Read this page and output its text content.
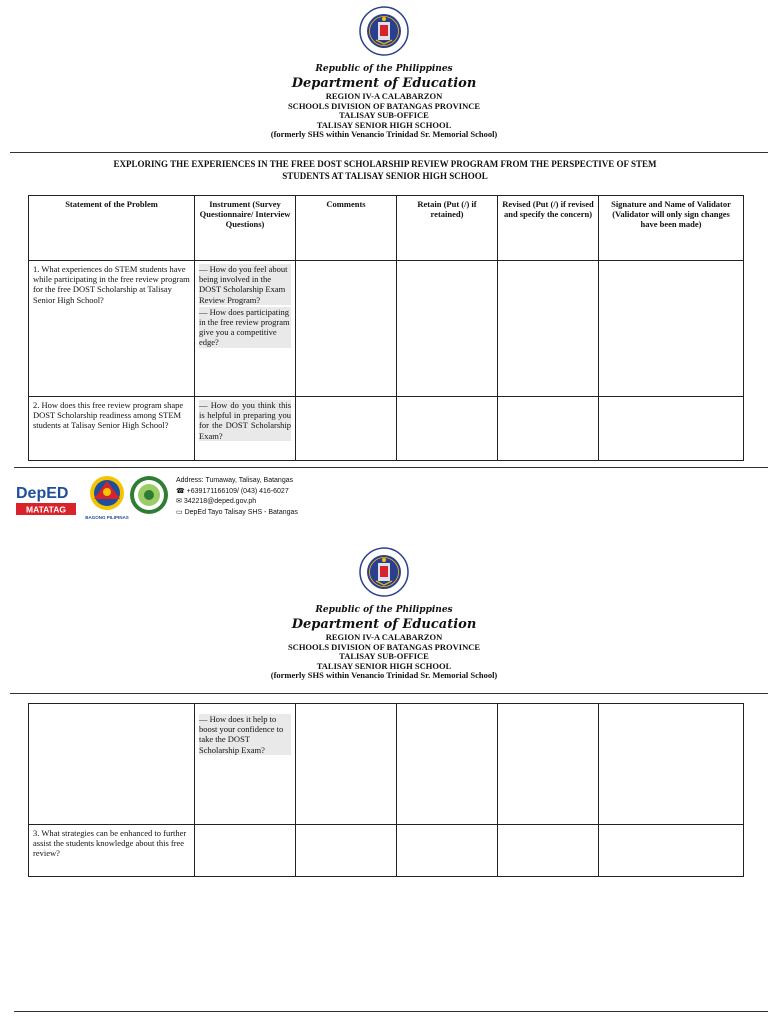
Republic of the Philippines
Department of Education
REGION IV-A CALABARZON
SCHOOLS DIVISION OF BATANGAS PROVINCE
TALISAY SUB-OFFICE
TALISAY SENIOR HIGH SCHOOL
(formerly SHS within Venancio Trinidad Sr. Memorial School)
EXPLORING THE EXPERIENCES IN THE FREE DOST SCHOLARSHIP REVIEW PROGRAM FROM THE PERSPECTIVE OF STEM
STUDENTS AT TALISAY SENIOR HIGH SCHOOL
Statement of the Problem	Instrument (Survey Questionnaire/ Interview Questions)	Comments	Retain (Put (/) if retained)	Revised (Put (/) if revised and specify the concern)	Signature and Name of Validator (Validator will only sign changes have been made)
1. What experiences do STEM students have while participating in the free review program for the free DOST Scholarship at Talisay Senior High School?	— How do you feel about being involved in the DOST Scholarship Exam Review Program?
— How does participating in the free review program give you a competitive edge?				

2. How does this free review program shape DOST Scholarship readiness among STEM students at Talisay Senior High School?	— How do you think this is helpful in preparing you for the DOST Scholarship Exam?				

DepED
MATATAG
BAGONG PILIPINAS
Address: Tumaway, Talisay, Batangas
☎ +639171166109/ (043) 416-6027
✉ 342218@deped.gov.ph
▭ DepEd Tayo Talisay SHS - Batangas
Republic of the Philippines
Department of Education
REGION IV-A CALABARZON
SCHOOLS DIVISION OF BATANGAS PROVINCE
TALISAY SUB-OFFICE
TALISAY SENIOR HIGH SCHOOL
(formerly SHS within Venancio Trinidad Sr. Memorial School)

	— How does it help to boost your confidence to take the DOST Scholarship Exam?				

3. What strategies can be enhanced to further assist the students knowledge about this free review?					
